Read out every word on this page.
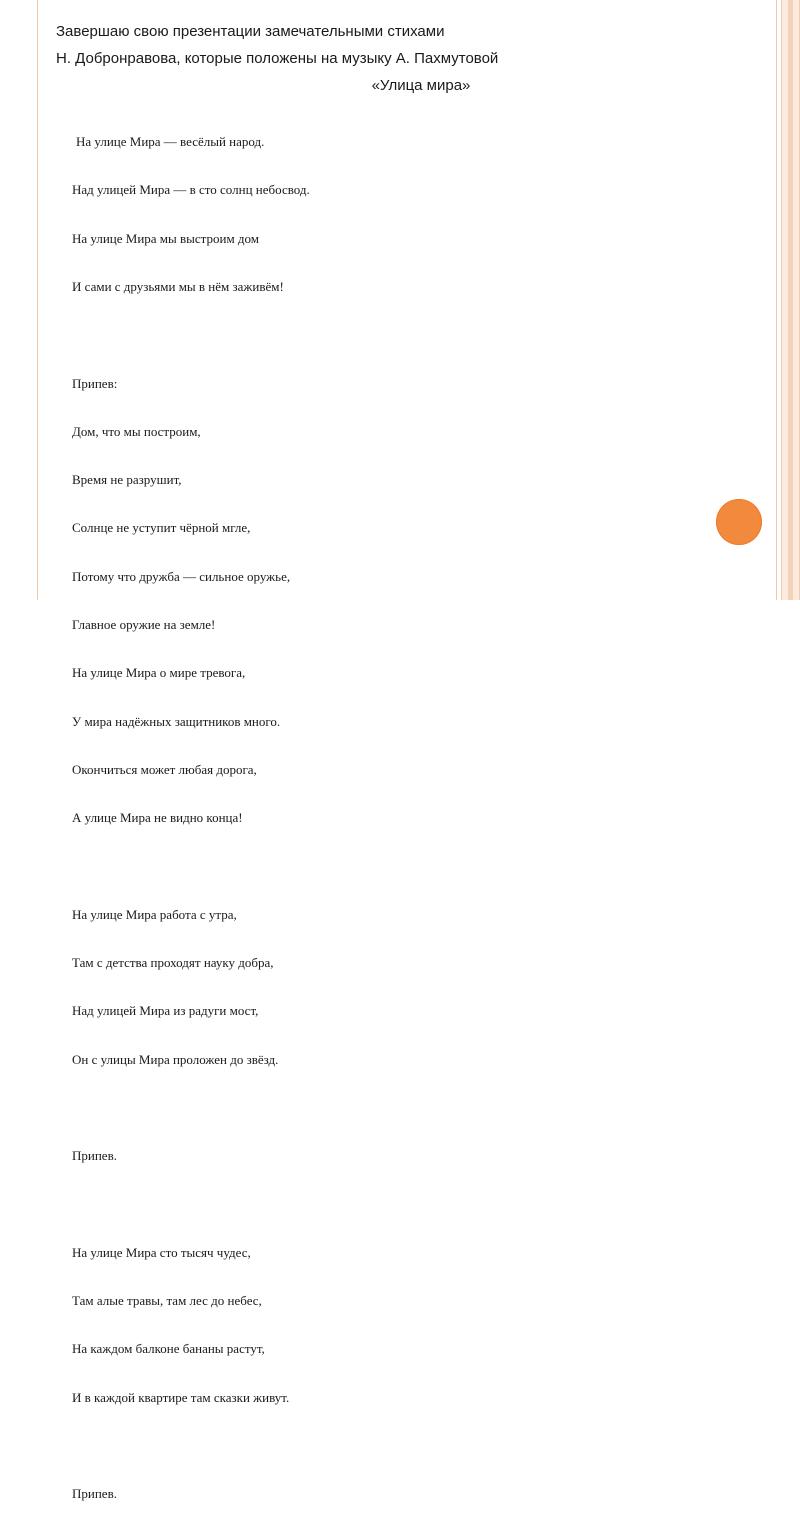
Завершаю свою презентации замечательными стихами
Н. Добронравова, которые положены на музыку А. Пахмутовой
«Улица мира»

На улице Мира — весёлый народ.

Над улицей Мира — в сто солнц небосвод.

На улице Мира мы выстроим дом

И сами с друзьями мы в нём заживём!

Припев:

Дом, что мы построим,

Время не разрушит,

Солнце не уступит чёрной мгле,

Потому что дружба — сильное оружье,

Главное оружие на земле!

На улице Мира о мире тревога,

У мира надёжных защитников много.

Окончиться может любая дорога,

А улице Мира не видно конца!

На улице Мира работа с утра,

Там с детства проходят науку добра,

Над улицей Мира из радуги мост,

Он с улицы Мира проложен до звёзд.

Припев.

На улице Мира сто тысяч чудес,

Там алые травы, там лес до небес,

На каждом балконе бананы растут,

И в каждой квартире там сказки живут.

Припев.
